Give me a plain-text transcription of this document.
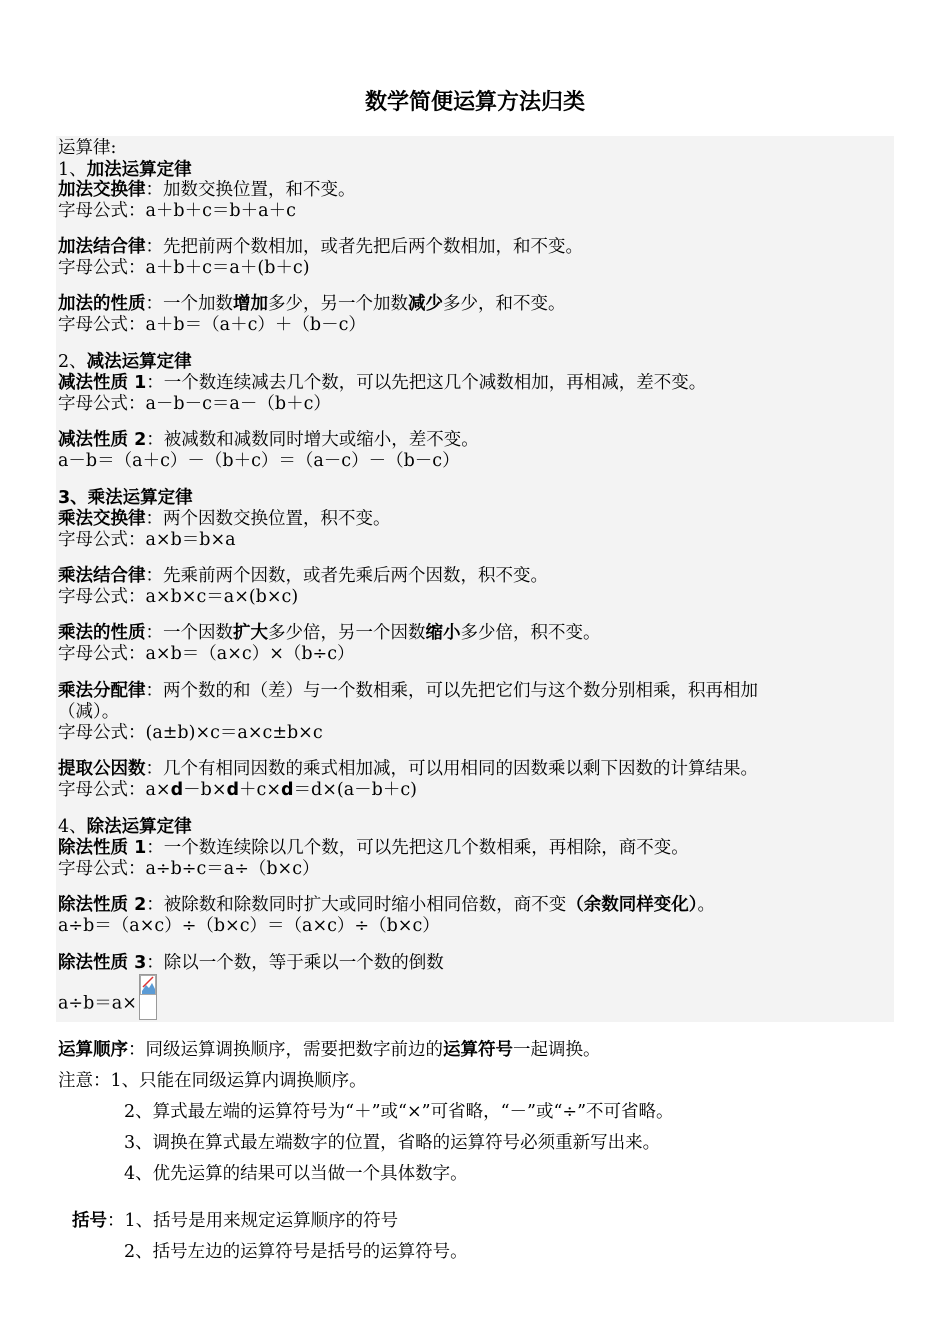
数学简便运算方法归类
运算律:
1、加法运算定律
加法交换律：加数交换位置，和不变。
字母公式：a＋b＋c＝b＋a＋c
加法结合律：先把前两个数相加，或者先把后两个数相加，和不变。
字母公式：a＋b＋c＝a＋(b＋c)
加法的性质：一个加数增加多少，另一个加数减少多少，和不变。
字母公式：a＋b＝（a＋c）＋（b－c）
2、减法运算定律
减法性质 1：一个数连续减去几个数，可以先把这几个减数相加，再相减，差不变。
字母公式：a－b－c＝a－（b＋c）
减法性质 2：被减数和减数同时增大或缩小，差不变。
a－b＝（a＋c）－（b＋c）＝（a－c）－（b－c）
3、乘法运算定律
乘法交换律：两个因数交换位置，积不变。
字母公式：a×b＝b×a
乘法结合律：先乘前两个因数，或者先乘后两个因数，积不变。
字母公式：a×b×c＝a×(b×c)
乘法的性质：一个因数扩大多少倍，另一个因数缩小多少倍，积不变。
字母公式：a×b＝（a×c）×（b÷c）
乘法分配律：两个数的和（差）与一个数相乘，可以先把它们与这个数分别相乘，积再相加
（减）。
字母公式：(a±b)×c＝a×c±b×c
提取公因数：几个有相同因数的乘式相加减，可以用相同的因数乘以剩下因数的计算结果。
字母公式：a×d－b×d＋c×d＝d×(a－b＋c)
4、除法运算定律
除法性质 1：一个数连续除以几个数，可以先把这几个数相乘，再相除，商不变。
字母公式：a÷b÷c＝a÷（b×c）
除法性质 2：被除数和除数同时扩大或同时缩小相同倍数，商不变（余数同样变化）。
a÷b＝（a×c）÷（b×c）＝（a×c）÷（b×c）
除法性质 3：除以一个数，等于乘以一个数的倒数
a÷b＝a×
运算顺序：同级运算调换顺序，需要把数字前边的运算符号一起调换。
注意：1、只能在同级运算内调换顺序。
2、算式最左端的运算符号为“＋”或“×”可省略，“－”或“÷”不可省略。
3、调换在算式最左端数字的位置，省略的运算符号必须重新写出来。
4、优先运算的结果可以当做一个具体数字。
括号：1、括号是用来规定运算顺序的符号
2、括号左边的运算符号是括号的运算符号。
